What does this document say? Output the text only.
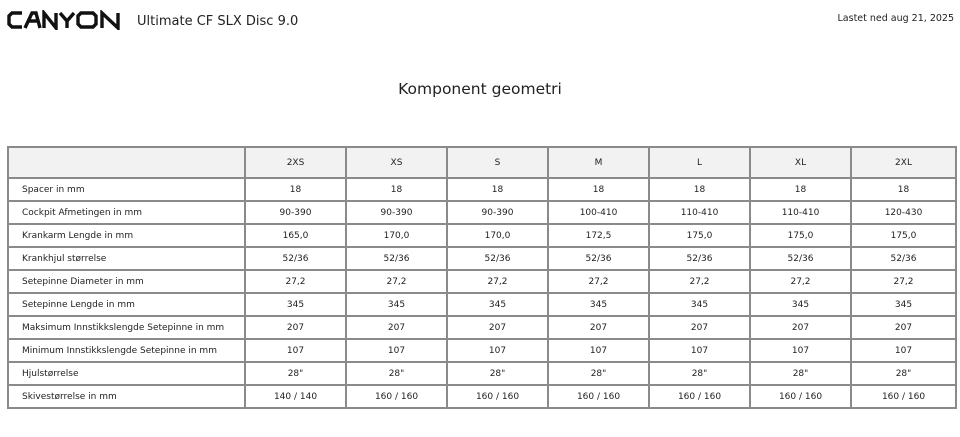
Ultimate CF SLX Disc 9.0	Lastet ned aug 21, 2025
Komponent geometri
	2XS	XS	S	M	L	XL	2XL
Spacer in mm	18	18	18	18	18	18	18
Cockpit Afmetingen in mm	90-390	90-390	90-390	100-410	110-410	110-410	120-430
Krankarm Lengde in mm	165,0	170,0	170,0	172,5	175,0	175,0	175,0
Krankhjul størrelse	52/36	52/36	52/36	52/36	52/36	52/36	52/36
Setepinne Diameter in mm	27,2	27,2	27,2	27,2	27,2	27,2	27,2
Setepinne Lengde in mm	345	345	345	345	345	345	345
Maksimum Innstikkslengde Setepinne in mm	207	207	207	207	207	207	207
Minimum Innstikkslengde Setepinne in mm	107	107	107	107	107	107	107
Hjulstørrelse	28"	28"	28"	28"	28"	28"	28"
Skivestørrelse in mm	140 / 140	160 / 160	160 / 160	160 / 160	160 / 160	160 / 160	160 / 160
